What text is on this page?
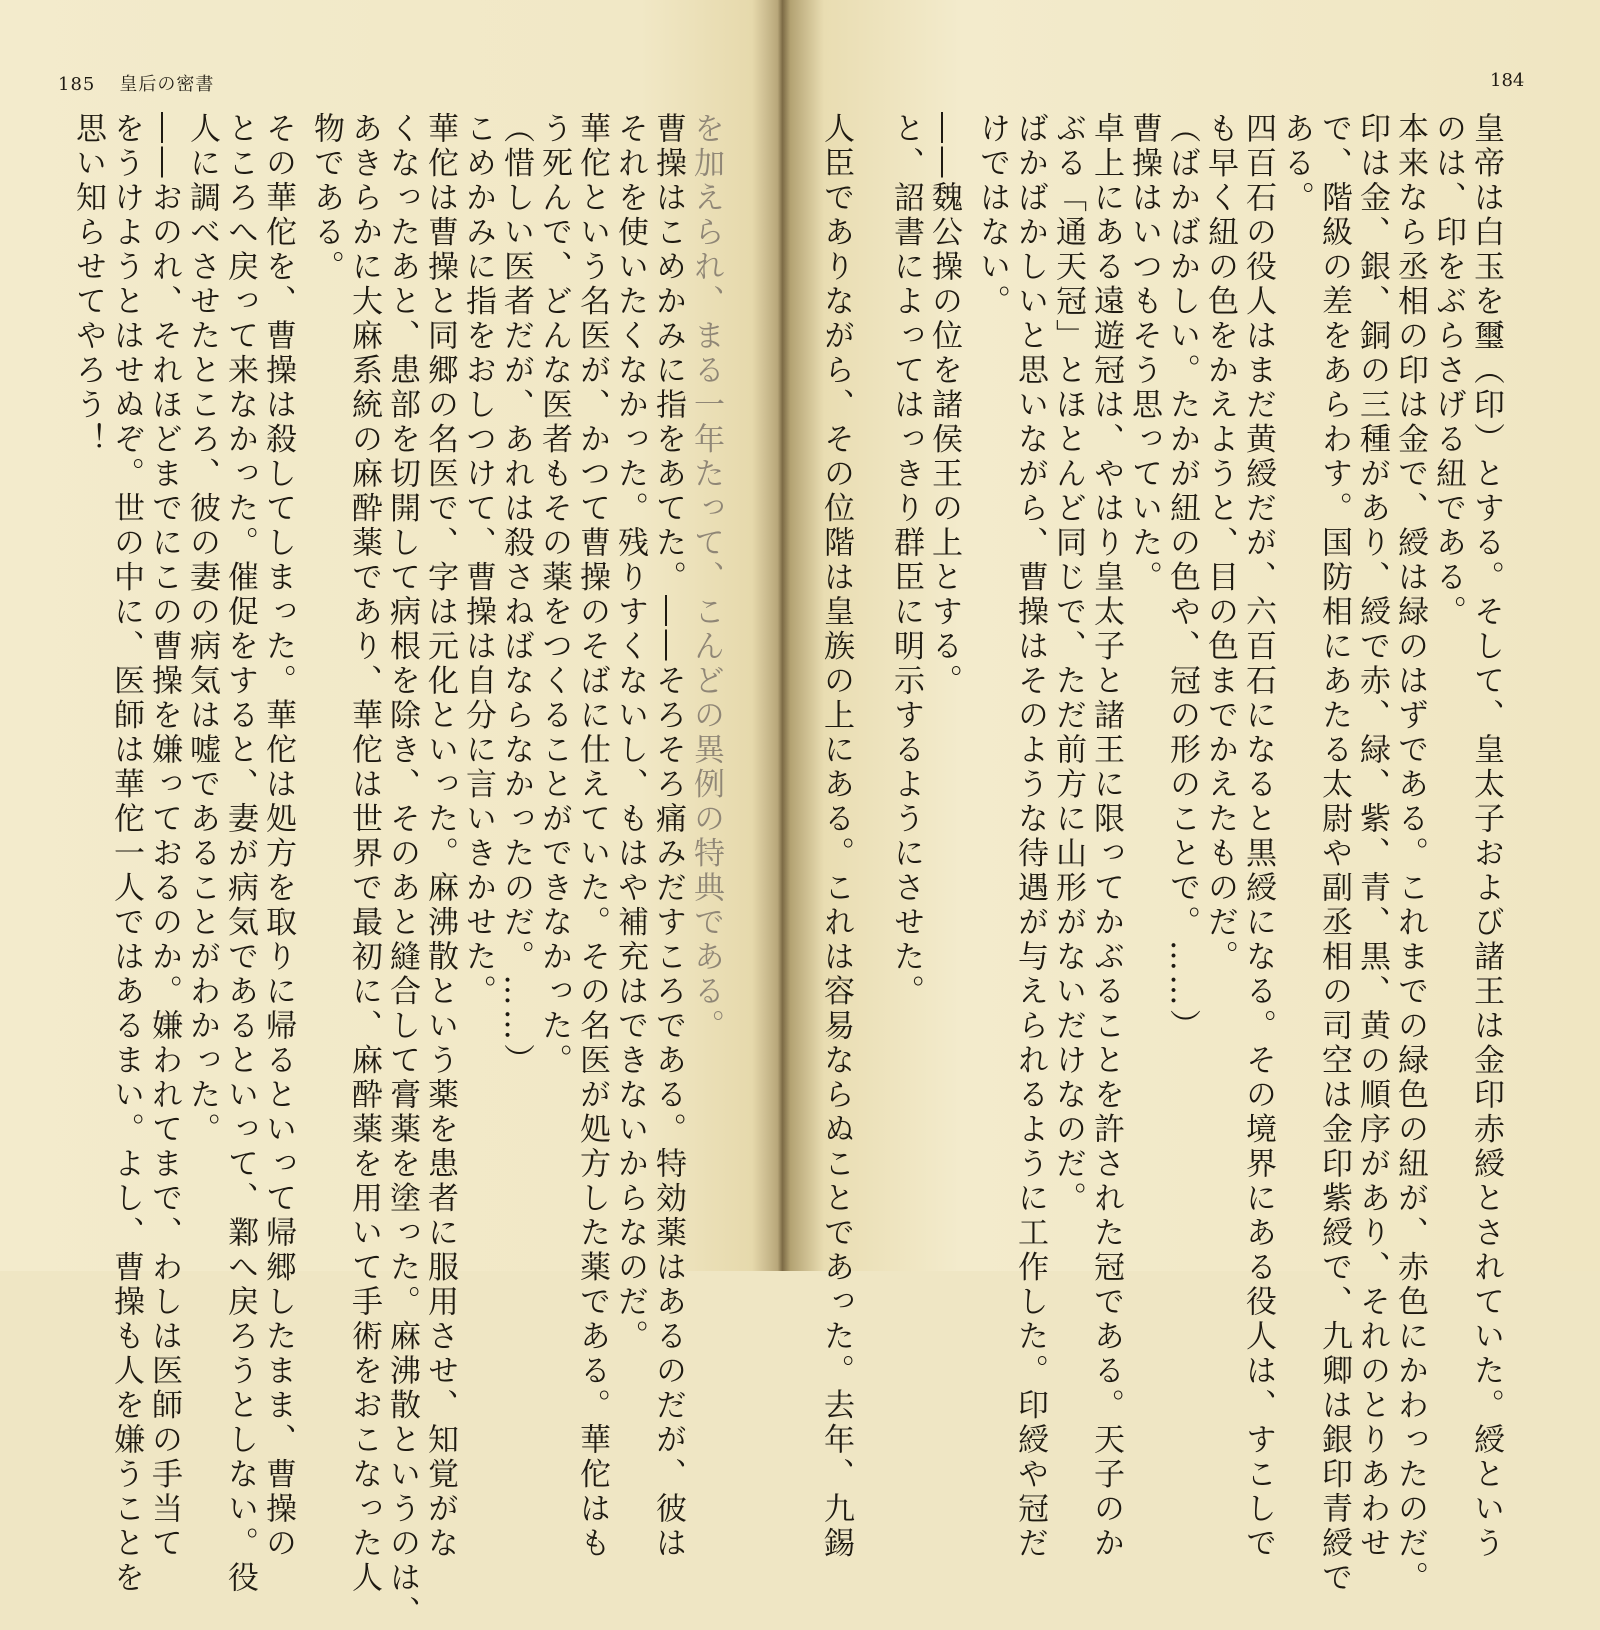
185 皇后の密書
を加えられ、まる一年たって、こんどの異例の特典である。
曹操はこめかみに指をあてた。――そろそろ痛みだすころである。特効薬はあるのだが、彼は
それを使いたくなかった。残りすくないし、もはや補充はできないからなのだ。
華佗という名医が、かつて曹操のそばに仕えていた。その名医が処方した薬である。華佗はも
う死んで、どんな医者もその薬をつくることができなかった。
（惜しい医者だが、あれは殺さねばならなかったのだ。……）
こめかみに指をおしつけて、曹操は自分に言いきかせた。
華佗は曹操と同郷の名医で、字は元化といった。麻沸散という薬を患者に服用させ、知覚がな
くなったあと、患部を切開して病根を除き、そのあと縫合して膏薬を塗った。麻沸散というのは、
あきらかに大麻系統の麻酔薬であり、華佗は世界で最初に、麻酔薬を用いて手術をおこなった人
物である。
その華佗を、曹操は殺してしまった。華佗は処方を取りに帰るといって帰郷したまま、曹操の
ところへ戻って来なかった。催促をすると、妻が病気であるといって、鄴へ戻ろうとしない。役
人に調べさせたところ、彼の妻の病気は嘘であることがわかった。
――おのれ、それほどまでにこの曹操を嫌っておるのか。嫌われてまで、わしは医師の手当て
をうけようとはせぬぞ。世の中に、医師は華佗一人ではあるまい。よし、曹操も人を嫌うことを
思い知らせてやろう！
184
皇帝は白玉を璽（印）とする。そして、皇太子および諸王は金印赤綬とされていた。綬という
のは、印をぶらさげる紐である。
本来なら丞相の印は金で、綬は緑のはずである。これまでの緑色の紐が、赤色にかわったのだ。
印は金、銀、銅の三種があり、綬で赤、緑、紫、青、黒、黄の順序があり、それのとりあわせ
で、階級の差をあらわす。国防相にあたる太尉や副丞相の司空は金印紫綬で、九卿は銀印青綬で
ある。
四百石の役人はまだ黄綬だが、六百石になると黒綬になる。その境界にある役人は、すこしで
も早く紐の色をかえようと、目の色までかえたものだ。
（ばかばかしい。たかが紐の色や、冠の形のことで。……）
曹操はいつもそう思っていた。
卓上にある遠遊冠は、やはり皇太子と諸王に限ってかぶることを許された冠である。天子のか
ぶる「通天冠」とほとんど同じで、ただ前方に山形がないだけなのだ。
ばかばかしいと思いながら、曹操はそのような待遇が与えられるように工作した。印綬や冠だ
けではない。
――魏公操の位を諸侯王の上とする。
と、詔書によってはっきり群臣に明示するようにさせた。
人臣でありながら、その位階は皇族の上にある。これは容易ならぬことであった。去年、九錫
